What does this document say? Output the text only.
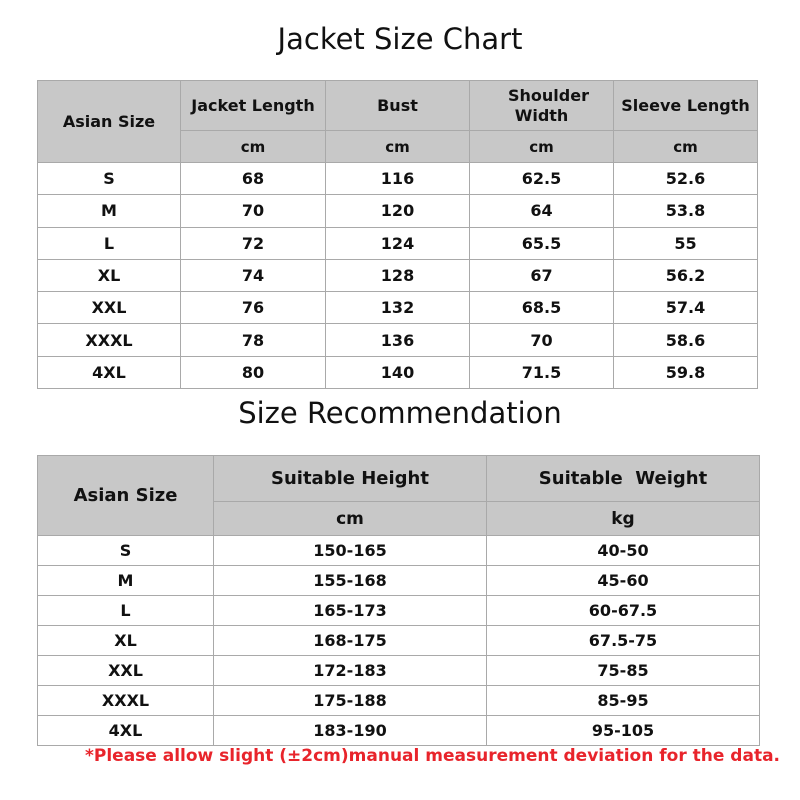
Jacket Size Chart
Asian Size	Jacket Length	Bust	Shoulder Width	Sleeve Length
	cm	cm	cm	cm
S	68	116	62.5	52.6
M	70	120	64	53.8
L	72	124	65.5	55
XL	74	128	67	56.2
XXL	76	132	68.5	57.4
XXXL	78	136	70	58.6
4XL	80	140	71.5	59.8
Size Recommendation
Asian Size	Suitable Height	Suitable  Weight
	cm	kg
S	150-165	40-50
M	155-168	45-60
L	165-173	60-67.5
XL	168-175	67.5-75
XXL	172-183	75-85
XXXL	175-188	85-95
4XL	183-190	95-105
*Please allow slight (±2cm)manual measurement deviation for the data.
